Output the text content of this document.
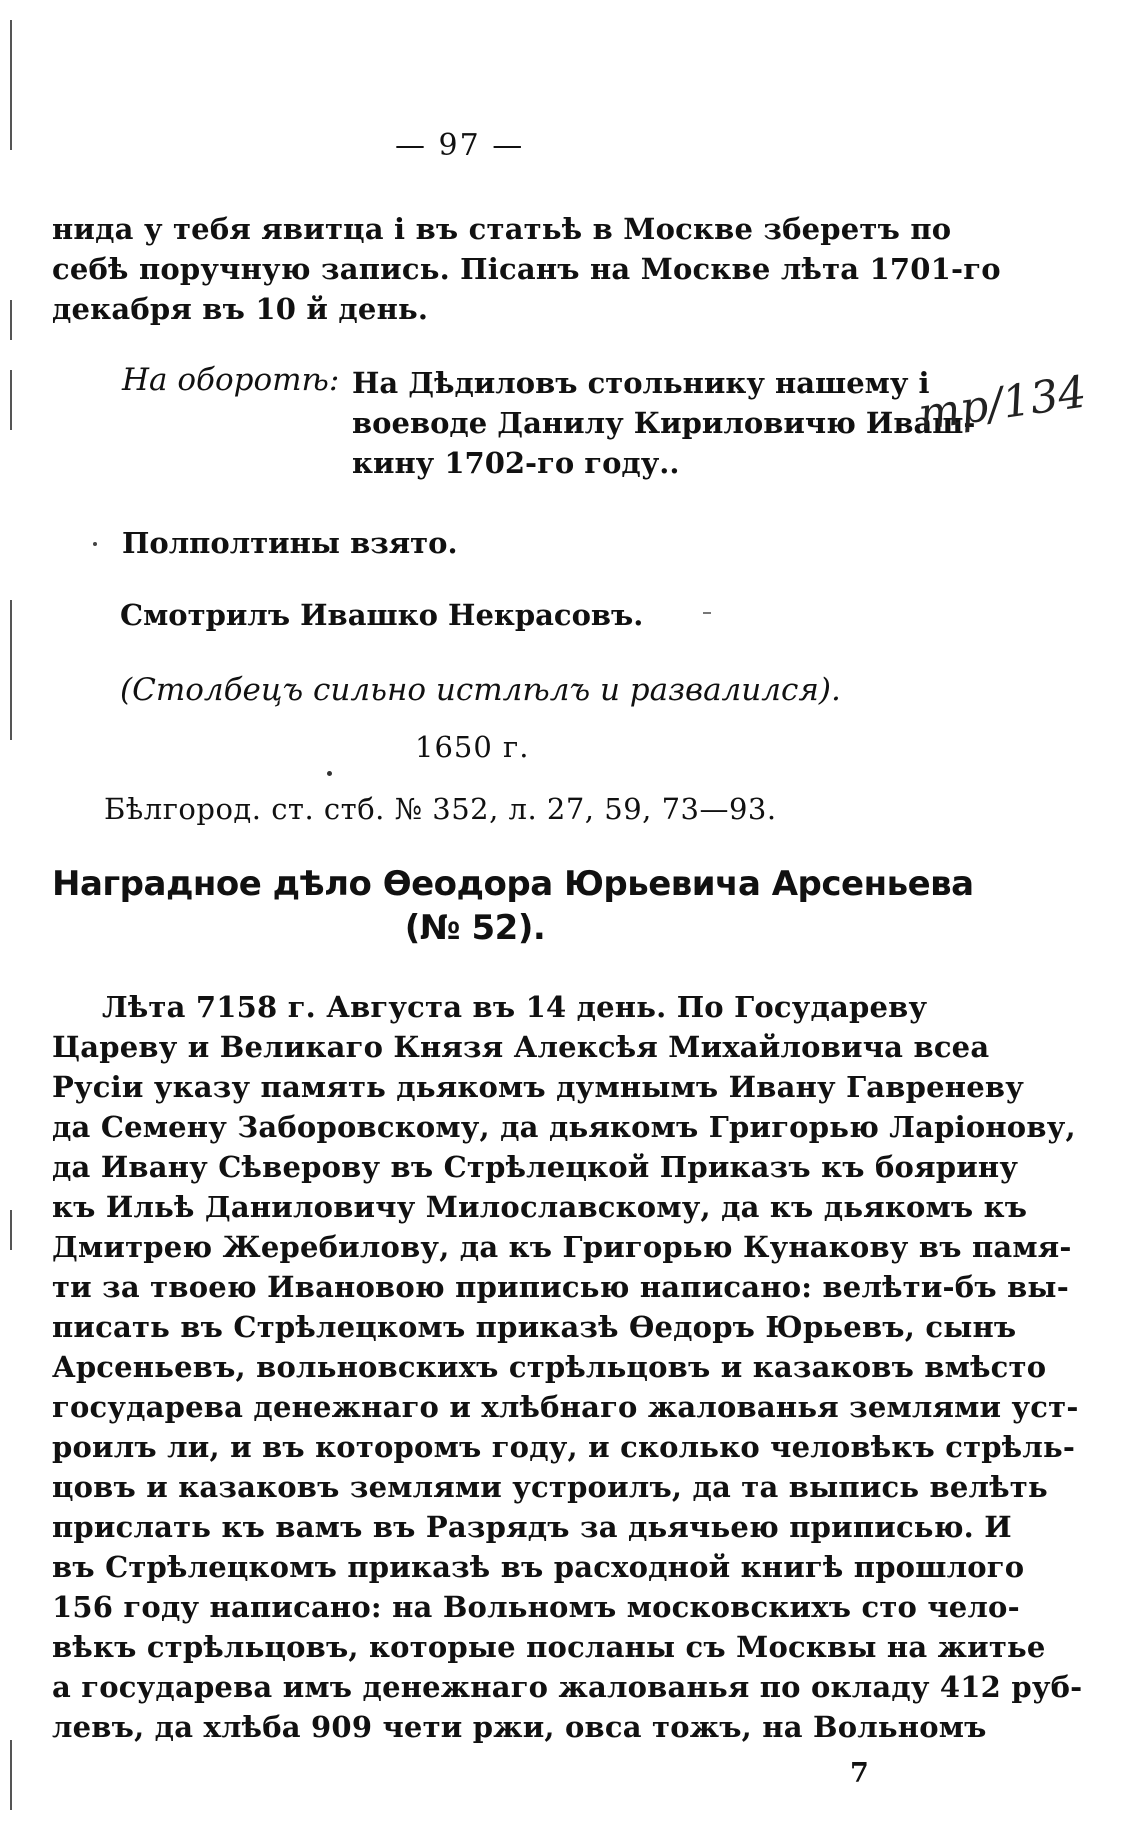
— 97 —
нида у тебя явитца і въ статьѣ в Москве зберетъ по
себѣ поручную запись. Пісанъ на Москве лѣта 1701-го
декабря въ 10 й день.
На оборотѣ: На Дѣдиловъ стольнику нашему і
воеводе Данилу Кириловичю Иваш-
кину 1702-го году..
тр/134
Полполтины взято.
Смотрилъ Ивашко Некрасовъ.
(Столбецъ сильно истлѣлъ и развалился).
1650 г.
Бѣлгород. ст. стб. № 352, л. 27, 59, 73—93.
Наградное дѣло Өеодора Юрьевича Арсеньева
(№ 52).
Лѣта 7158 г. Августа въ 14 день. По Государеву
Цареву и Великаго Князя Алексѣя Михайловича всеа
Русіи указу память дьякомъ думнымъ Ивану Гавреневу
да Семену Заборовскому, да дьякомъ Григорью Ларіонову,
да Ивану Сѣверову въ Стрѣлецкой Приказъ къ боярину
къ Ильѣ Даниловичу Милославскому, да къ дьякомъ къ
Дмитрею Жеребилову, да къ Григорью Кунакову въ памя-
ти за твоею Ивановою приписью написано: велѣти-бъ вы-
писать въ Стрѣлецкомъ приказѣ Өедоръ Юрьевъ, сынъ
Арсеньевъ, вольновскихъ стрѣльцовъ и казаковъ вмѣсто
государева денежнаго и хлѣбнаго жалованья землями уст-
роилъ ли, и въ которомъ году, и сколько человѣкъ стрѣль-
цовъ и казаковъ землями устроилъ, да та выпись велѣть
прислать къ вамъ въ Разрядъ за дьячьею приписью. И
въ Стрѣлецкомъ приказѣ въ расходной книгѣ прошлого
156 году написано: на Вольномъ московскихъ сто чело-
вѣкъ стрѣльцовъ, которые посланы съ Москвы на житье
а государева имъ денежнаго жалованья по окладу 412 руб-
левъ, да хлѣба 909 чети ржи, овса тожъ, на Вольномъ
7
